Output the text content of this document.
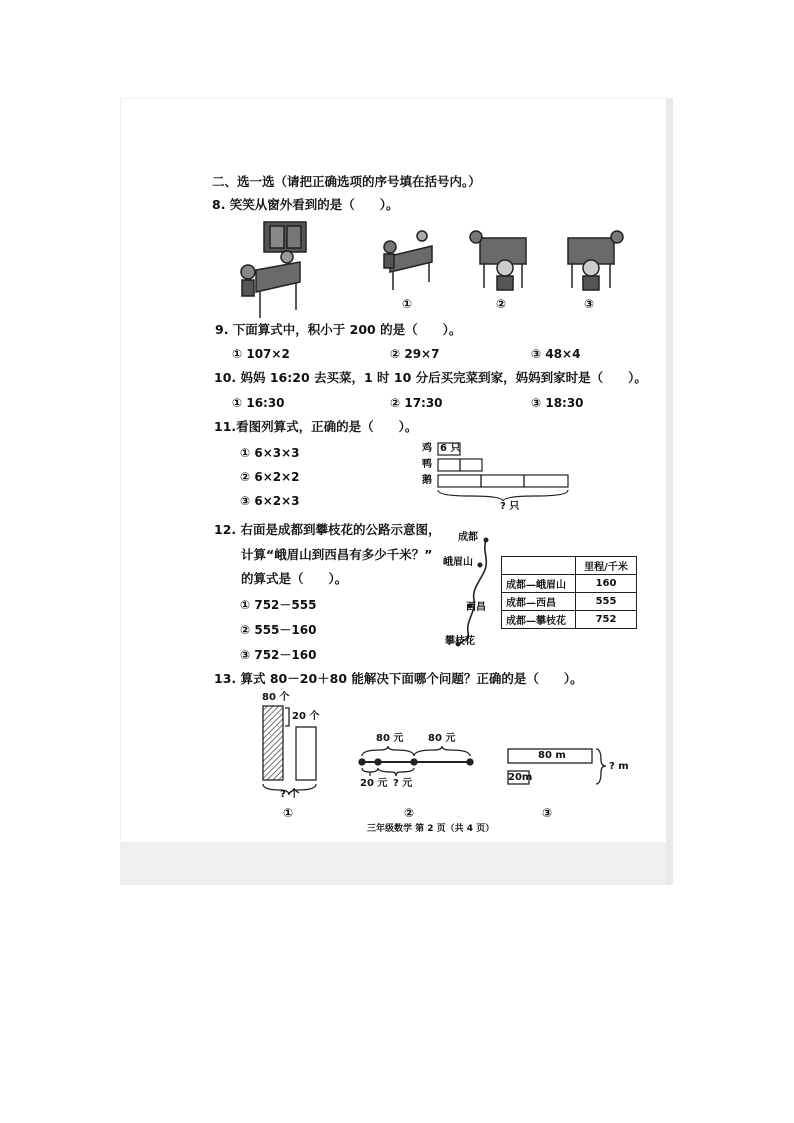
二、选一选（请把正确选项的序号填在括号内。）
8. 笑笑从窗外看到的是（　　）。
①	②	③
9. 下面算式中，积小于 200 的是（　　）。
① 107×2	② 29×7	③ 48×4
10. 妈妈 16:20 去买菜，1 时 10 分后买完菜到家，妈妈到家时是（　　）。
① 16:30	② 17:30	③ 18:30
11.看图列算式，正确的是（　　）。
① 6×3×3
② 6×2×2
③ 6×2×3
鸡 6 只
鸭
鹅
? 只
12. 右面是成都到攀枝花的公路示意图，
计算“峨眉山到西昌有多少千米？”
的算式是（　　）。
① 752－555
② 555－160
③ 752－160
成都
峨眉山
西昌
攀枝花
	里程/千米
成都—峨眉山	160
成都—西昌	555
成都—攀枝花	752
13. 算式 80－20＋80 能解决下面哪个问题？正确的是（　　）。
80 个
20 个
? 个
①
80 元 80 元
20 元 ? 元
②
80 m
20m
? m
③
三年级数学 第 2 页（共 4 页）
